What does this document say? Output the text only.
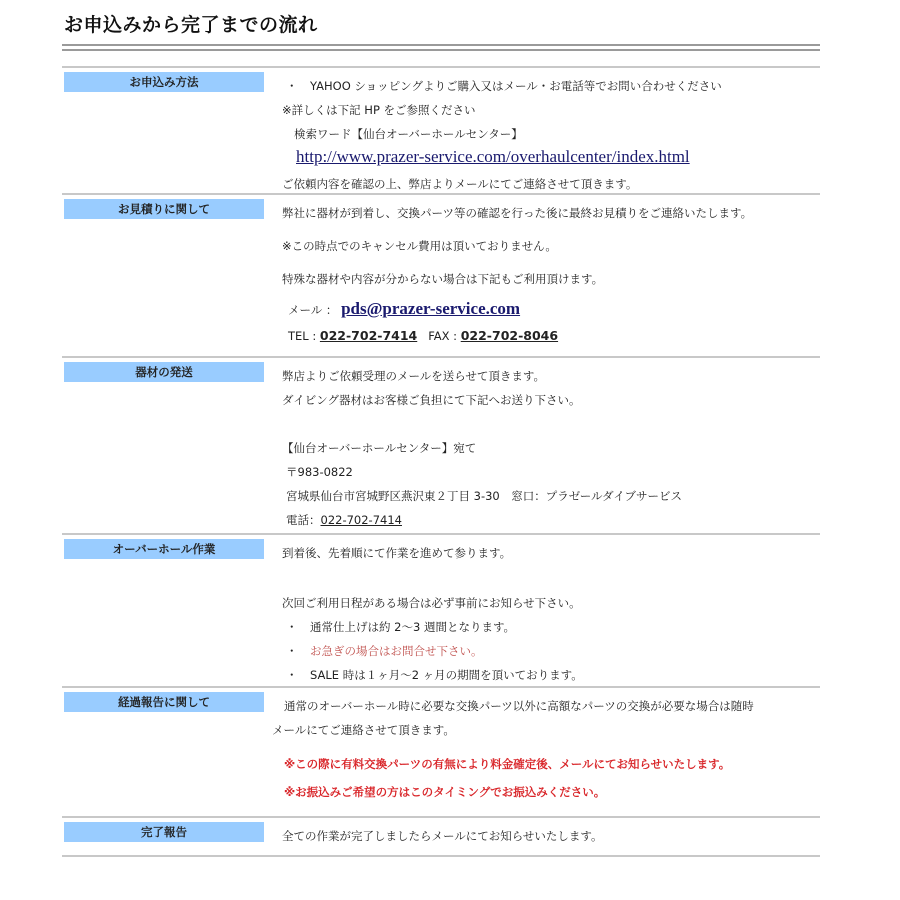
お申込みから完了までの流れ
お申込み方法	・ YAHOO ショッピングよりご購入又はメール・お電話等でお問い合わせください
※詳しくは下記 HP をご参照ください
検索ワード【仙台オーバーホールセンター】
http://www.prazer-service.com/overhaulcenter/index.html
ご依頼内容を確認の上、弊店よりメールにてご連絡させて頂きます。
お見積りに関して	弊社に器材が到着し、交換パーツ等の確認を行った後に最終お見積りをご連絡いたします。
※この時点でのキャンセル費用は頂いておりません。
特殊な器材や内容が分からない場合は下記もご利用頂けます。
メール ： pds@prazer-service.com
TEL : 022-702-7414 FAX : 022-702-8046
器材の発送	弊店よりご依頼受理のメールを送らせて頂きます。
ダイビング器材はお客様ご負担にて下記へお送り下さい。
【仙台オーバーホールセンター】宛て
〒983-0822
宮城県仙台市宮城野区燕沢東２丁目 3-30　窓口：プラゼールダイブサービス
電話：022-702-7414
オーバーホール作業	到着後、先着順にて作業を進めて参ります。
次回ご利用日程がある場合は必ず事前にお知らせ下さい。
・ 通常仕上げは約 2～3 週間となります。
・ お急ぎの場合はお問合せ下さい。
・ SALE 時は１ヶ月～2 ヶ月の期間を頂いております。
経過報告に関して	通常のオーバーホール時に必要な交換パーツ以外に高額なパーツの交換が必要な場合は随時
メールにてご連絡させて頂きます。
※この際に有料交換パーツの有無により料金確定後、メールにてお知らせいたします。
※お振込みご希望の方はこのタイミングでお振込みください。
完了報告	全ての作業が完了しましたらメールにてお知らせいたします。
